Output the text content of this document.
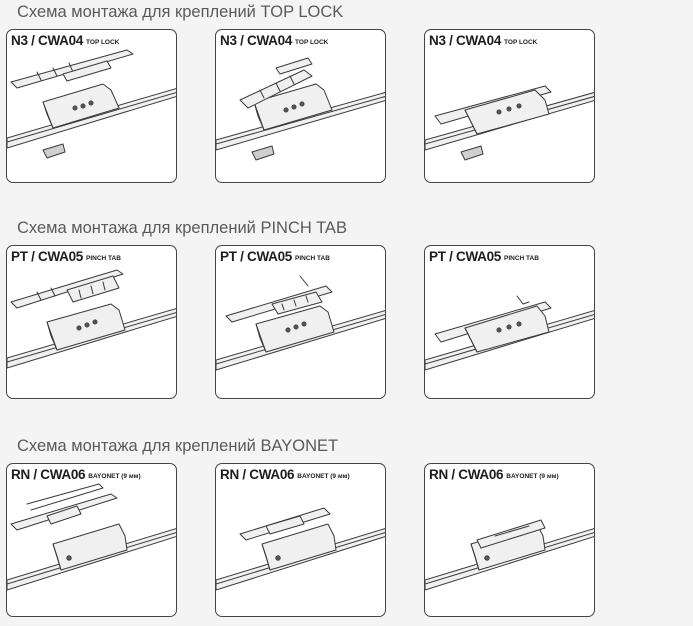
Схема монтажа для креплений TOP LOCK
N3 / CWA04 TOP LOCK	N3 / CWA04 TOP LOCK	N3 / CWA04 TOP LOCK
Схема монтажа для креплений PINCH TAB
PT / CWA05 PINCH TAB	PT / CWA05 PINCH TAB	PT / CWA05 PINCH TAB
Схема монтажа для креплений BAYONET
RN / CWA06 BAYONET (9 мм)	RN / CWA06 BAYONET (9 мм)	RN / CWA06 BAYONET (9 мм)
